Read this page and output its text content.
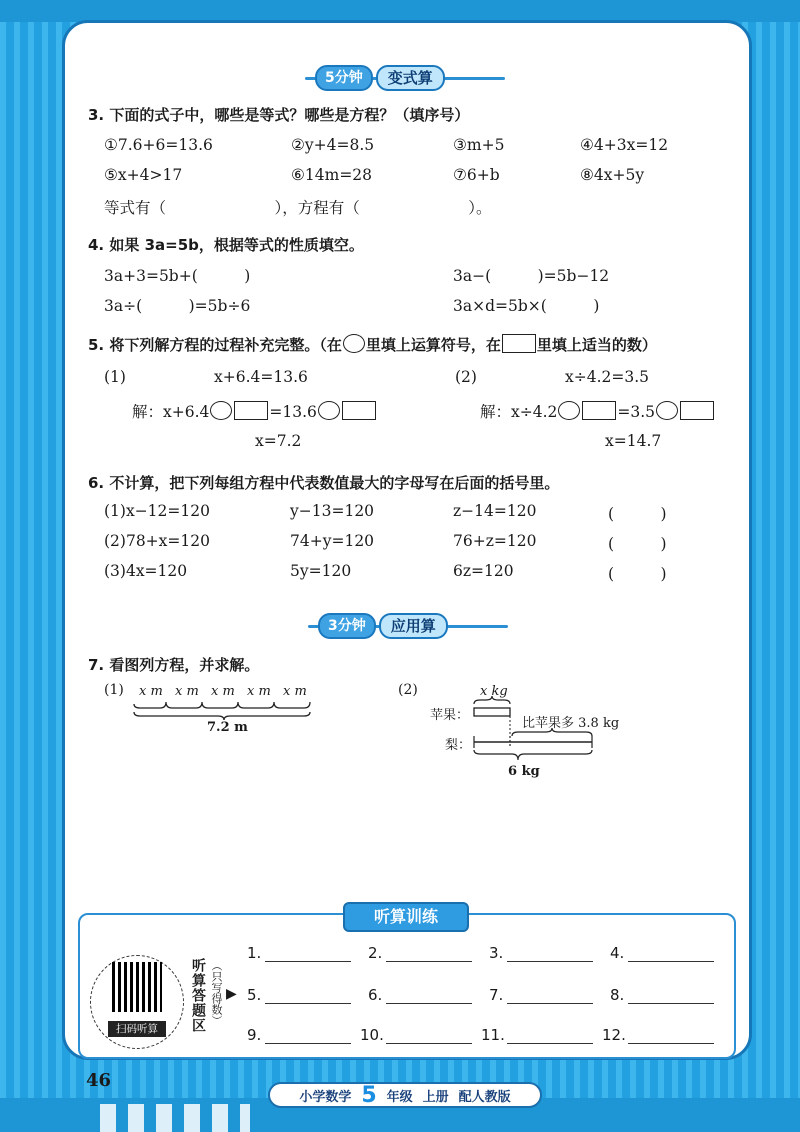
5分钟	变式算
3. 下面的式子中，哪些是等式？哪些是方程？（填序号）
①7.6+6=13.6	②y+4=8.5	③m+5	④4+3x=12
⑤x+4>17	⑥14m=28	⑦6+b	⑧4x+5y
等式有（　　　　　　　），方程有（　　　　　　　）。
4. 如果 3a=5b，根据等式的性质填空。
3a+3=5b+(　　　)	3a−(　　　)=5b−12
3a÷(　　　)=5b÷6	3a×d=5b×(　　　)
5. 将下列解方程的过程补充完整。（在 里填上运算符号，在 里填上适当的数）
(1)	x+6.4=13.6
解：x+6.4	=13.6
x=7.2
(2)	x÷4.2=3.5
解：x÷4.2	=3.5
x=14.7
6. 不计算，把下列每组方程中代表数值最大的字母写在后面的括号里。
(1)x−12=120	y−13=120	z−14=120	(　　　)
(2)78+x=120	74+y=120	76+z=120	(　　　)
(3)4x=120	5y=120	6z=120	(　　　)
3分钟	应用算
7. 看图列方程，并求解。
(1) x m x m x m x m x m
7.2 m
(2)	x kg
苹果：
梨：
比苹果多 3.8 kg
6 kg
听算训练
扫码听算	听算答题区 （只写得数） ▶
1.	2.	3.	4.
5.	6.	7.	8.
9.	10.	11.	12.
46
小学数学 5 年级 上册 配人教版
